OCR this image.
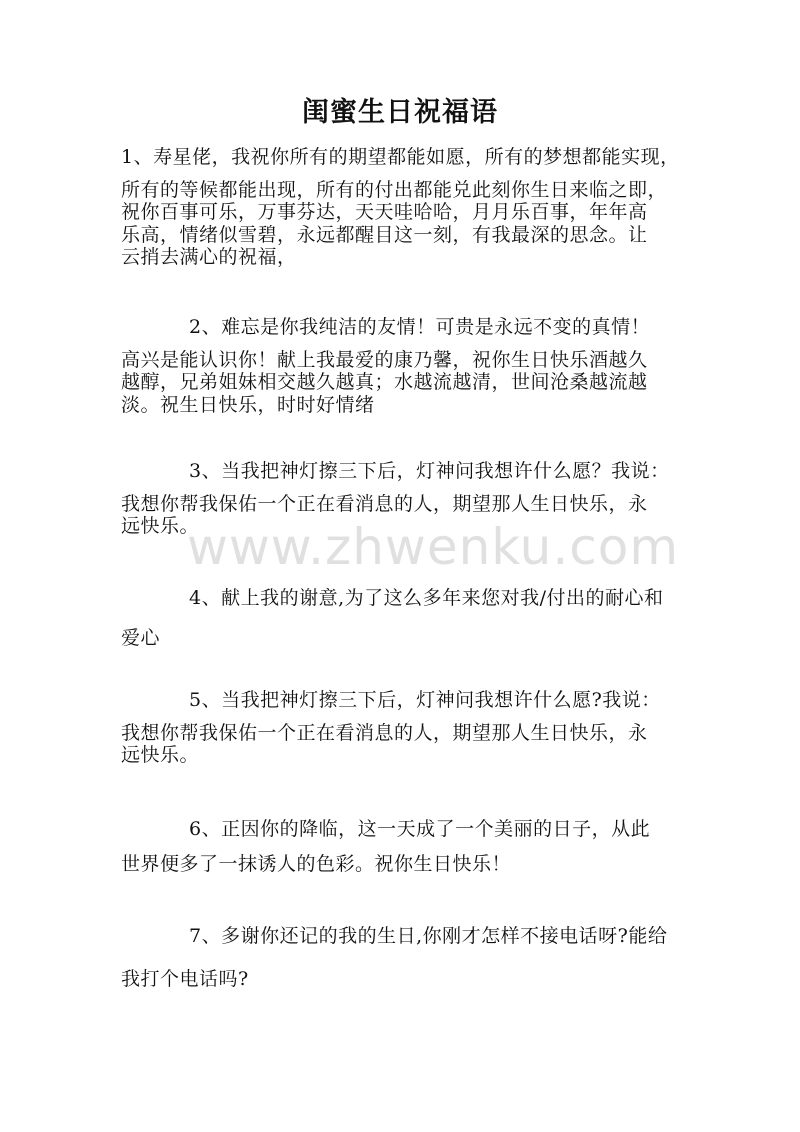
闺蜜生日祝福语
1、寿星佬，我祝你所有的期望都能如愿，所有的梦想都能实现，
所有的等候都能出现，所有的付出都能兑此刻你生日来临之即，
祝你百事可乐，万事芬达，天天哇哈哈，月月乐百事，年年高
乐高，情绪似雪碧，永远都醒目这一刻，有我最深的思念。让
云捎去满心的祝福，
2、难忘是你我纯洁的友情！可贵是永远不变的真情！
高兴是能认识你！献上我最爱的康乃馨，祝你生日快乐酒越久
越醇，兄弟姐妹相交越久越真；水越流越清，世间沧桑越流越
淡。祝生日快乐，时时好情绪
3、当我把神灯擦三下后，灯神问我想许什么愿？我说：
我想你帮我保佑一个正在看消息的人，期望那人生日快乐，永
远快乐。
www.zhwenku.com
4、献上我的谢意,为了这么多年来您对我/付出的耐心和
爱心
5、当我把神灯擦三下后，灯神问我想许什么愿?我说：
我想你帮我保佑一个正在看消息的人，期望那人生日快乐，永
远快乐。
6、正因你的降临，这一天成了一个美丽的日子，从此
世界便多了一抹诱人的色彩。祝你生日快乐！
7、多谢你还记的我的生日,你刚才怎样不接电话呀?能给
我打个电话吗?
